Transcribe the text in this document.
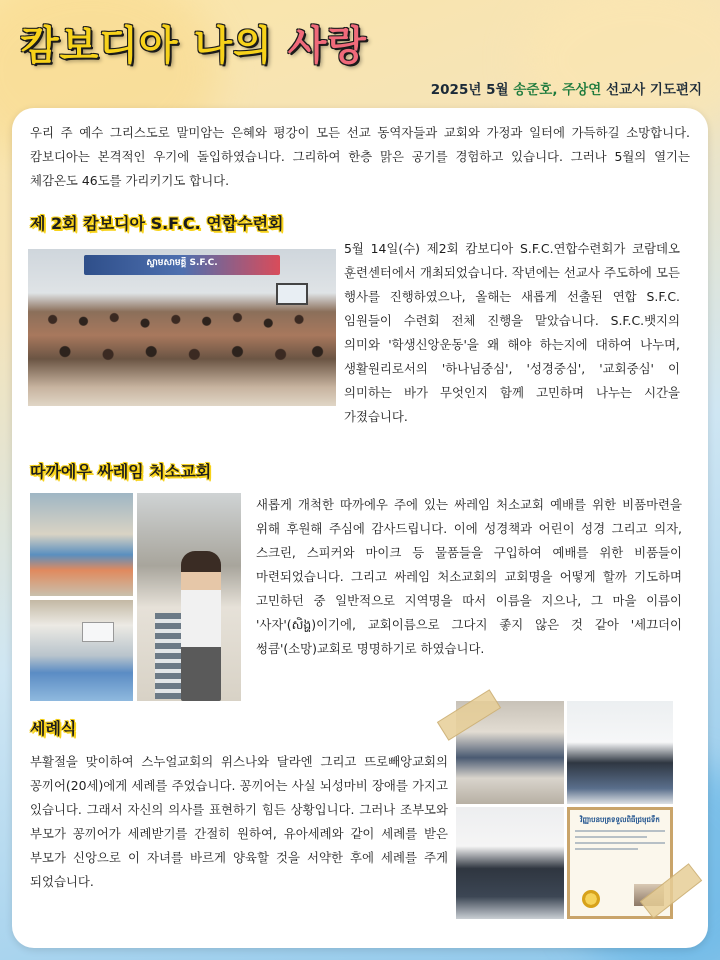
캄보디아 나의 사랑
2025년 5월 송준호, 주상연 선교사 기도편지

우리 주 예수 그리스도로 말미암는 은혜와 평강이 모든 선교 동역자들과 교회와 가정과 일터에 가득하길 소망합니다. 캄보디아는 본격적인 우기에 돌입하였습니다. 그리하여 한층 맑은 공기를 경험하고 있습니다. 그러나 5월의 열기는 체감온도 46도를 가리키기도 합니다.

제 2회 캄보디아 S.F.C. 연합수련회
ស្ចាមសាមគ្គី S.F.C.

5월 14일(수) 제2회 캄보디아 S.F.C.연합수련회가 코람데오 훈련센터에서 개최되었습니다. 작년에는 선교사 주도하에 모든 행사를 진행하였으나, 올해는 새롭게 선출된 연합 S.F.C.임원들이 수련회 전체 진행을 맡았습니다. S.F.C.뱃지의 의미와 '학생신앙운동'을 왜 해야 하는지에 대하여 나누며, 생활원리로서의 '하나님중심', '성경중심', '교회중심' 이 의미하는 바가 무엇인지 함께 고민하며 나누는 시간을 가졌습니다.

따까에우 싸레임 처소교회

새롭게 개척한 따까에우 주에 있는 싸레임 처소교회 예배를 위한 비품마련을 위해 후원해 주심에 감사드립니다. 이에 성경책과 어린이 성경 그리고 의자, 스크린, 스피커와 마이크 등 물품들을 구입하여 예배를 위한 비품들이 마련되었습니다. 그리고 싸레임 처소교회의 교회명을 어떻게 할까 기도하며 고민하던 중 일반적으로 지역명을 따서 이름을 지으나, 그 마을 이름이 '사자'(សិង្ហ)이기에, 교회이름으로 그다지 좋지 않은 것 같아 '세끄더이 썽큼'(소망)교회로 명명하기로 하였습니다.

세례식

부활절을 맞이하여 스누얼교회의 위스나와 달라엔 그리고 뜨로빼앙교회의 꽁끼어(20세)에게 세례를 주었습니다. 꽁끼어는 사실 뇌성마비 장애를 가지고 있습니다. 그래서 자신의 의사를 표현하기 힘든 상황입니다. 그러나 조부모와 부모가 꽁끼어가 세례받기를 간절히 원하여, 유아세례와 같이 세례를 받은 부모가 신앙으로 이 자녀를 바르게 양육할 것을 서약한 후에 세례를 주게 되었습니다.

វិញ្ញាបនបត្រ​ទទួលពិធីជ្រមុជទឹក
